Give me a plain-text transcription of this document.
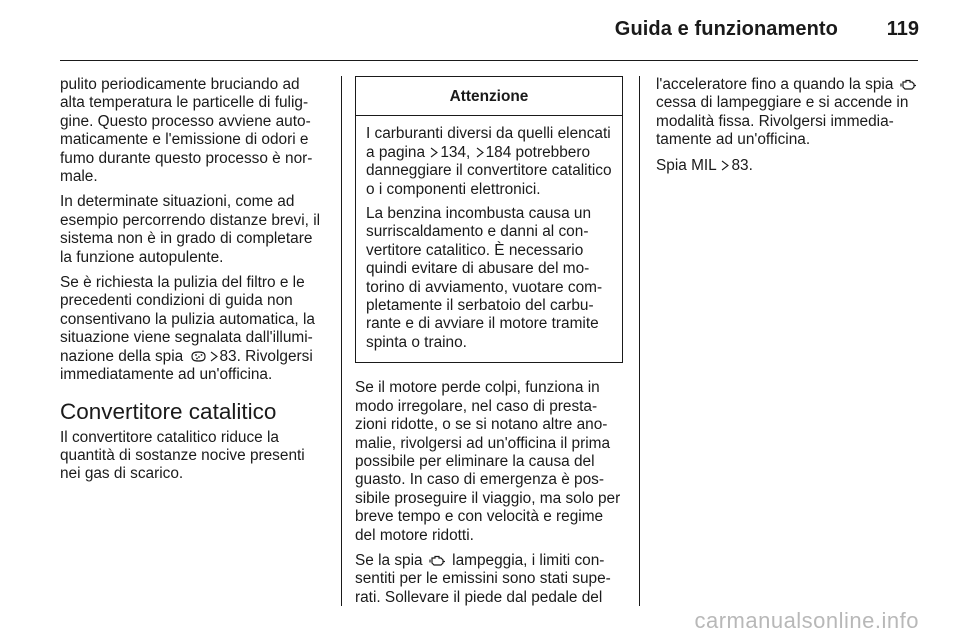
Guida e funzionamento 119

pulito periodicamente bruciando ad alta temperatura le particelle di fuliggine. Questo processo avviene automaticamente e l'emissione di odori e fumo durante questo processo è normale.

In determinate situazioni, come ad esempio percorrendo distanze brevi, il sistema non è in grado di completare la funzione autopulente.

Se è richiesta la pulizia del filtro e le precedenti condizioni di guida non consentivano la pulizia automatica, la situazione viene segnalata dall'illuminazione della spia 83. Rivolgersi immediatamente ad un'officina.

Convertitore catalitico

Il convertitore catalitico riduce la quantità di sostanze nocive presenti nei gas di scarico.

Attenzione

I carburanti diversi da quelli elencati a pagina 134, 184 potrebbero danneggiare il convertitore catalitico o i componenti elettronici.

La benzina incombusta causa un surriscaldamento e danni al convertitore catalitico. È necessario quindi evitare di abusare del motorino di avviamento, vuotare completamente il serbatoio del carburante e di avviare il motore tramite spinta o traino.

Se il motore perde colpi, funziona in modo irregolare, nel caso di prestazioni ridotte, o se si notano altre anomalie, rivolgersi ad un'officina il prima possibile per eliminare la causa del guasto. In caso di emergenza è possibile proseguire il viaggio, ma solo per breve tempo e con velocità e regime del motore ridotti.

Se la spia  lampeggia, i limiti consentiti per le emissini sono stati superati. Sollevare il piede dal pedale del

l'acceleratore fino a quando la spia  cessa di lampeggiare e si accende in modalità fissa. Rivolgersi immediatamente ad un'officina.

Spia MIL 83.

carmanualsonline.info
